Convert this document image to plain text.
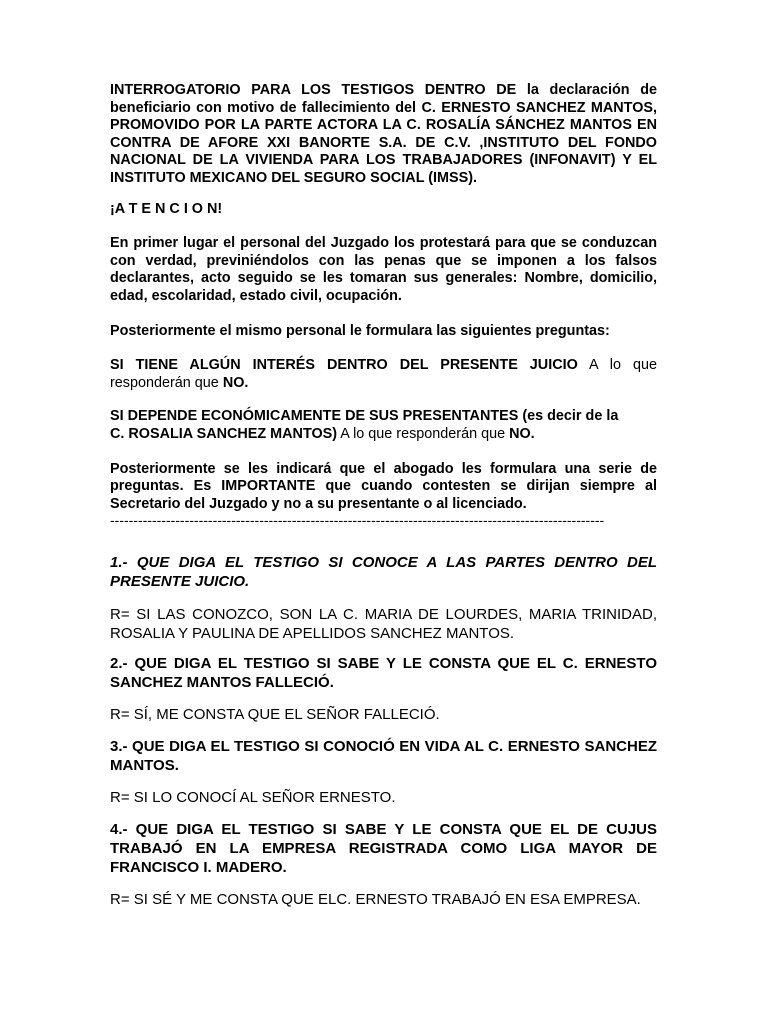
INTERROGATORIO PARA LOS TESTIGOS DENTRO DE la declaración de beneficiario con motivo de fallecimiento del C. ERNESTO SANCHEZ MANTOS, PROMOVIDO POR LA PARTE ACTORA LA C. ROSALÍA SÁNCHEZ MANTOS EN CONTRA DE AFORE XXI BANORTE S.A. DE C.V. ,INSTITUTO DEL FONDO NACIONAL DE LA VIVIENDA PARA LOS TRABAJADORES (INFONAVIT) Y EL INSTITUTO MEXICANO DEL SEGURO SOCIAL (IMSS).

¡A T E N C I O N!

En primer lugar el personal del Juzgado los protestará para que se conduzcan con verdad, previniéndolos con las penas que se imponen a los falsos declarantes, acto seguido se les tomaran sus generales: Nombre, domicilio, edad, escolaridad, estado civil, ocupación.

Posteriormente el mismo personal le formulara las siguientes preguntas:

SI TIENE ALGÚN INTERÉS DENTRO DEL PRESENTE JUICIO A lo que responderán que NO.

SI DEPENDE ECONÓMICAMENTE DE SUS PRESENTANTES (es decir de la
C. ROSALIA SANCHEZ MANTOS) A lo que responderán que NO.

Posteriormente se les indicará que el abogado les formulara una serie de preguntas. Es IMPORTANTE que cuando contesten se dirijan siempre al Secretario del Juzgado y no a su presentante o al licenciado.

----------------------------------------------------------------------------------------------------------

1.- QUE DIGA EL TESTIGO SI CONOCE A LAS PARTES DENTRO DEL PRESENTE JUICIO.

R= SI LAS CONOZCO, SON LA C. MARIA DE LOURDES, MARIA TRINIDAD, ROSALIA Y PAULINA DE APELLIDOS SANCHEZ MANTOS.

2.- QUE DIGA EL TESTIGO SI SABE Y LE CONSTA QUE EL C. ERNESTO SANCHEZ MANTOS FALLECIÓ.

R= SÍ, ME CONSTA QUE EL SEÑOR FALLECIÓ.

3.- QUE DIGA EL TESTIGO SI CONOCIÓ EN VIDA AL C. ERNESTO SANCHEZ MANTOS.

R= SI LO CONOCÍ AL SEÑOR ERNESTO.

4.- QUE DIGA EL TESTIGO SI SABE Y LE CONSTA QUE EL DE CUJUS TRABAJÓ EN LA EMPRESA REGISTRADA COMO LIGA MAYOR DE FRANCISCO I. MADERO.

R= SI SÉ Y ME CONSTA QUE ELC. ERNESTO TRABAJÓ EN ESA EMPRESA.
